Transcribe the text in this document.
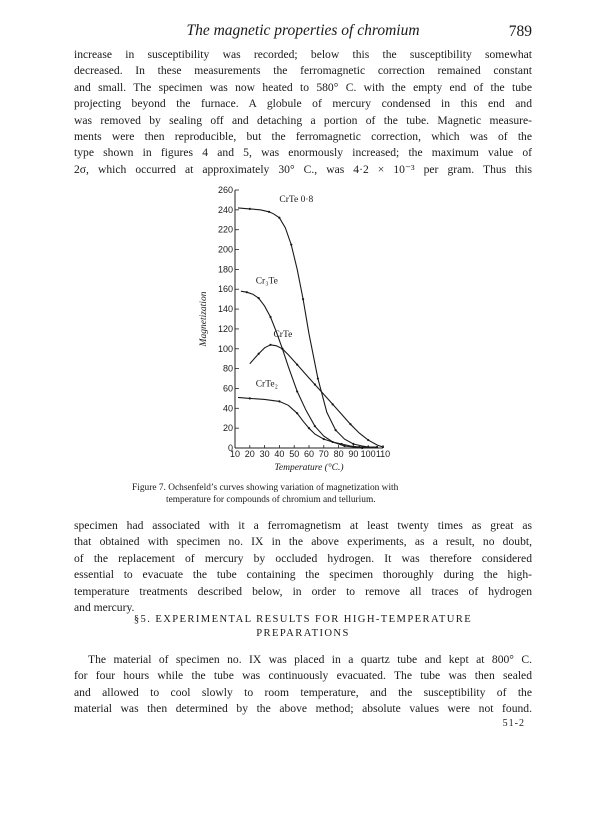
The magnetic properties of chromium	789
increase in susceptibility was recorded; below this the susceptibility somewhat
decreased. In these measurements the ferromagnetic correction remained constant
and small. The specimen was now heated to 580° C. with the empty end of the tube
projecting beyond the furnace. A globule of mercury condensed in this end and
was removed by sealing off and detaching a portion of the tube. Magnetic measure-
ments were then reproducible, but the ferromagnetic correction, which was of the
type shown in figures 4 and 5, was enormously increased; the maximum value of
2σ, which occurred at approximately 30° C., was 4·2 × 10⁻³ per gram. Thus this
0
20
40
60
80
100
120
140
160
180
200
220
240
260
10 20 30 40 50 60 70 80 90 100 110
Temperature (°C.)
Magnetization
CrTe 0·8
Cr₃Te
CrTe
CrTe₂
Figure 7. Ochsenfeld’s curves showing variation of magnetization with
temperature for compounds of chromium and tellurium.
specimen had associated with it a ferromagnetism at least twenty times as great as
that obtained with specimen no. IX in the above experiments, as a result, no doubt,
of the replacement of mercury by occluded hydrogen. It was therefore considered
essential to evacuate the tube containing the specimen thoroughly during the high-
temperature treatments described below, in order to remove all traces of hydrogen
and mercury.
§5. EXPERIMENTAL RESULTS FOR HIGH-TEMPERATURE
PREPARATIONS
The material of specimen no. IX was placed in a quartz tube and kept at 800° C.
for four hours while the tube was continuously evacuated. The tube was then sealed
and allowed to cool slowly to room temperature, and the susceptibility of the
material was then determined by the above method; absolute values were not found.
51-2
